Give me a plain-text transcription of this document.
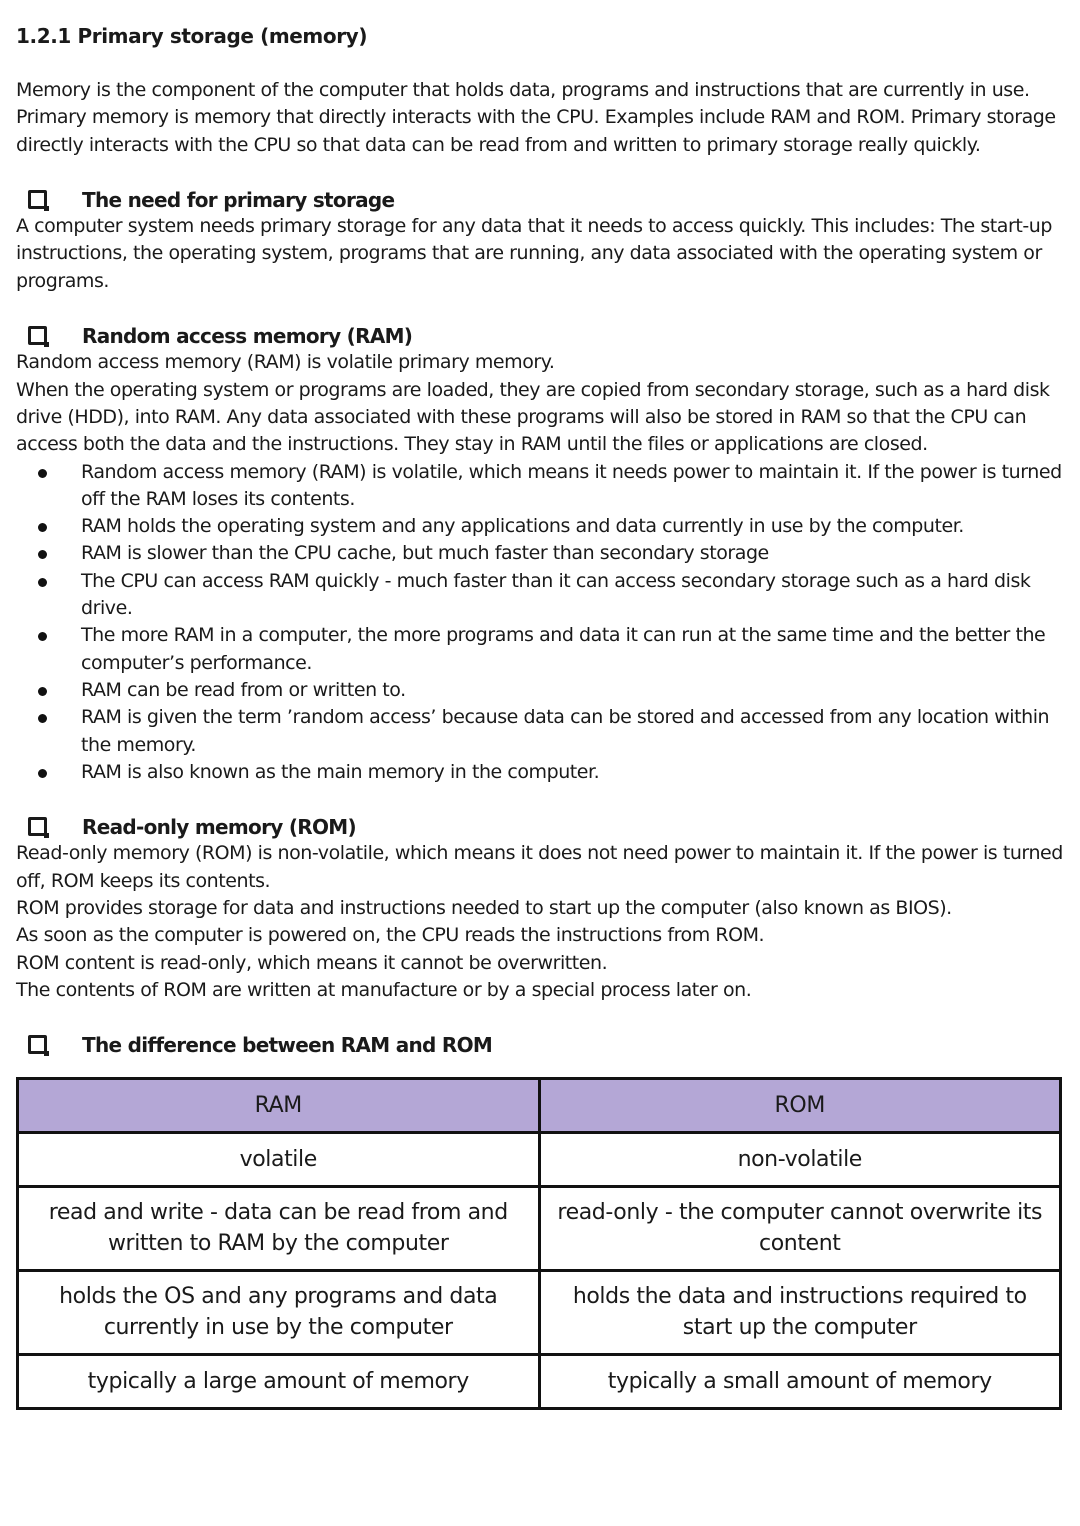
1.2.1 Primary storage (memory)

Memory is the component of the computer that holds data, programs and instructions that are currently in use.

Primary memory is memory that directly interacts with the CPU. Examples include RAM and ROM. Primary storage directly interacts with the CPU so that data can be read from and written to primary storage really quickly.

The need for primary storage

A computer system needs primary storage for any data that it needs to access quickly. This includes: The start-up instructions, the operating system, programs that are running, any data associated with the operating system or programs.

Random access memory (RAM)

Random access memory (RAM) is volatile primary memory.

When the operating system or programs are loaded, they are copied from secondary storage, such as a hard disk drive (HDD), into RAM. Any data associated with these programs will also be stored in RAM so that the CPU can access both the data and the instructions. They stay in RAM until the files or applications are closed.

Random access memory (RAM) is volatile, which means it needs power to maintain it. If the power is turned off the RAM loses its contents.
RAM holds the operating system and any applications and data currently in use by the computer.
RAM is slower than the CPU cache, but much faster than secondary storage
The CPU can access RAM quickly - much faster than it can access secondary storage such as a hard disk drive.
The more RAM in a computer, the more programs and data it can run at the same time and the better the computer’s performance.
RAM can be read from or written to.
RAM is given the term ’random access’ because data can be stored and accessed from any location within the memory.
RAM is also known as the main memory in the computer.
Read-only memory (ROM)

Read-only memory (ROM) is non-volatile, which means it does not need power to maintain it. If the power is turned off, ROM keeps its contents.

ROM provides storage for data and instructions needed to start up the computer (also known as BIOS).

As soon as the computer is powered on, the CPU reads the instructions from ROM.

ROM content is read-only, which means it cannot be overwritten.

The contents of ROM are written at manufacture or by a special process later on.

The difference between RAM and ROM
RAM	ROM
volatile	non-volatile
read and write - data can be read from and written to RAM by the computer	read-only - the computer cannot overwrite its content
holds the OS and any programs and data currently in use by the computer	holds the data and instructions required to start up the computer
typically a large amount of memory	typically a small amount of memory
